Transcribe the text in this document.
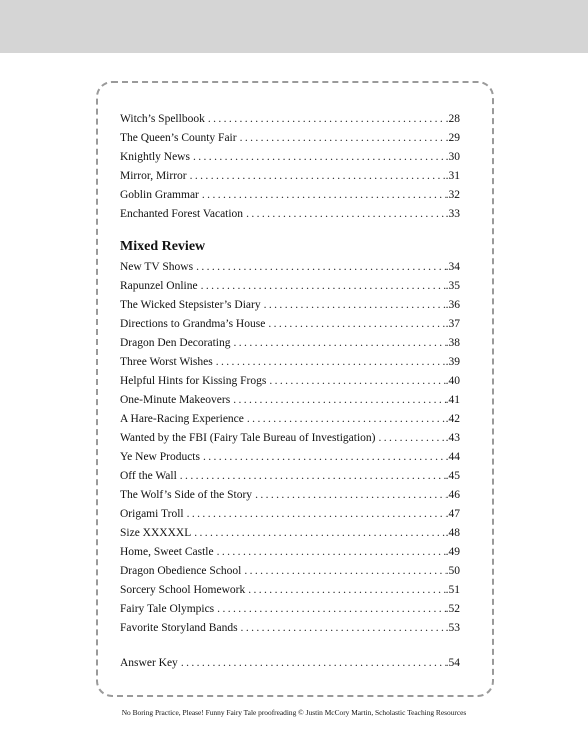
Witch’s Spellbook .....	.28
The Queen’s County Fair .....	.29
Knightly News .....	.30
Mirror, Mirror .....	.31
Goblin Grammar .....	.32
Enchanted Forest Vacation .....	.33
Mixed Review
New TV Shows .....	.34
Rapunzel Online .....	.35
The Wicked Stepsister’s Diary .....	.36
Directions to Grandma’s House .....	.37
Dragon Den Decorating .....	.38
Three Worst Wishes .....	.39
Helpful Hints for Kissing Frogs .....	.40
One-Minute Makeovers .....	.41
A Hare-Racing Experience .....	.42
Wanted by the FBI (Fairy Tale Bureau of Investigation) .....	.43
Ye New Products .....	.44
Off the Wall .....	.45
The Wolf’s Side of the Story .....	.46
Origami Troll .....	.47
Size XXXXXL .....	.48
Home, Sweet Castle .....	.49
Dragon Obedience School .....	.50
Sorcery School Homework .....	.51
Fairy Tale Olympics .....	.52
Favorite Storyland Bands .....	.53
Answer Key .....	.54
No Boring Practice, Please! Funny Fairy Tale proofreading © Justin McCory Martin, Scholastic Teaching Resources
